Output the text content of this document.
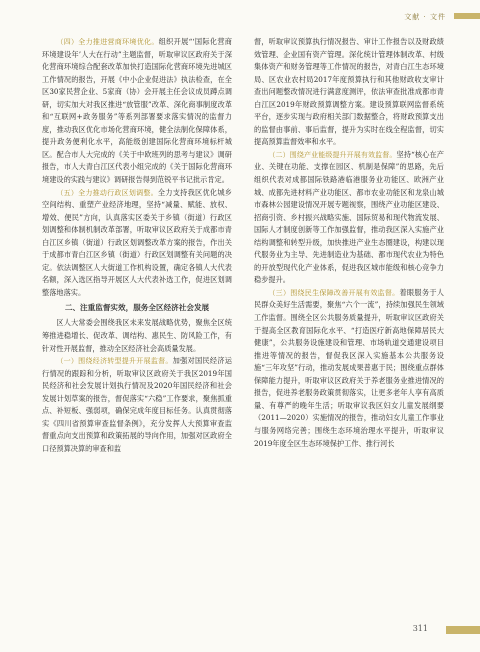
文献 · 文件

（四）全力推进营商环境优化。组织开展“‘国际化营商环境建设年’人大在行动”主题监督，听取审议区政府关于深化营商环境综合配套改革加快打造国际化营商环境先进城区工作情况的报告，开展《中小企业促进法》执法检查，在全区30家民营企业、5家商（协）会开展主任会议成员蹲点调研，切实加大对我区推进“放管服”改革、深化商事制度改革和“互联网+政务服务”等系列部署要求落实情况的监督力度，推动我区优化市场化营商环境，健全法制化保障体系，提升政务便利化水平，高能级创建国际化营商环境标杆城区。配合市人大完成的《关于中欧班列的思考与建议》调研报告，市人大青白江区代表小组完成的《关于国际化营商环境建设的实践与建议》调研报告得到范锐平书记批示肯定。

（五）全力推动行政区划调整。全力支持我区优化城乡空间结构、重塑产业经济地理，坚持“减量、赋能、放权、增效、便民”方向，认真落实区委关于乡镇（街道）行政区划调整和体制机制改革部署，听取审议区政府关于成都市青白江区乡镇（街道）行政区划调整改革方案的报告，作出关于成都市青白江区乡镇（街道）行政区划调整有关问题的决定。依法调整区人大街道工作机构设置，确定各镇人大代表名额，深入选区指导开展区人大代表补选工作，促进区划调整落地落实。

二、注重监督实效，服务全区经济社会发展

区人大常委会围绕我区未来发展战略优势，聚焦全区统筹推进稳增长、促改革、调结构、惠民生、防风险工作，有针对性开展监督，推动全区经济社会高质量发展。

（一）围绕经济转型提升开展监督。加强对国民经济运行情况的跟踪和分析，听取审议区政府关于我区2019年国民经济和社会发展计划执行情况及2020年国民经济和社会发展计划草案的报告，督促落实“六稳”工作要求，聚焦抓重点、补短板、强弱项，确保完成年度目标任务。认真贯彻落实《四川省预算审查监督条例》，充分发挥人大预算审查监督重点向支出预算和政策拓展的导向作用，加强对区政府全口径预算决算的审查和监

督，听取审议预算执行情况报告、审计工作报告以及财政绩效管理、企业国有资产管理。深化统计管理体制改革、村级集体资产和财务管理等工作情况的报告，对青白江生态环境局、区农业农村局2017年度预算执行和其他财政收支审计查出问题整改情况进行满意度测评，依法审查批准成都市青白江区2019年财政预算调整方案。建设预算联网监督系统平台，逐步实现与政府相关部门数据整合，将财政预算支出的监督由事前、事后监督，提升为实时在线全程监督，切实提高预算监督效率和水平。

（二）围绕产业能级提升开展有效监督。坚持“核心在产业、关键在功能、支撑在园区、机制是保障”的思路，先后组织代表对成都国际铁路港临港服务业功能区、欧洲产业城、成都先进材料产业功能区、都市农业功能区和龙泉山城市森林公园建设情况开展专题视察，围绕产业功能区建设、招商引资、乡村振兴战略实施、国际贸易和现代物流发展、国际人才制度创新等工作加强监督，推动我区深入实施产业结构调整和转型升级，加快推进产业生态圈建设，构建以现代服务业为主导、先进制造业为基础、都市现代农业为特色的开放型现代化产业体系，促进我区城市能级和核心竞争力稳步提升。

（三）围绕民生保障改善开展有效监督。着眼服务于人民群众美好生活需要，聚焦“六个一流”，持续加强民生领域工作监督。围绕全区公共服务质量提升，听取审议区政府关于提高全区教育国际化水平、“打造医疗新高地保障居民大健康”，公共服务设施建设和管理、市场轨道交通建设项目推进等情况的报告，督促我区深入实施基本公共服务设施“三年攻坚”行动，推动发展成果普惠于民；围绕重点群体保障能力提升，听取审议区政府关于养老服务业推进情况的报告，促进养老服务政策贯彻落实，让更多老年人享有高质量、有尊严的晚年生活；听取审议我区妇女儿童发展纲要（2011—2020）实施情况的报告，推动妇女儿童工作事业与服务网络完善；围绕生态环境治理水平提升，听取审议2019年度全区生态环境保护工作、推行河长

311
